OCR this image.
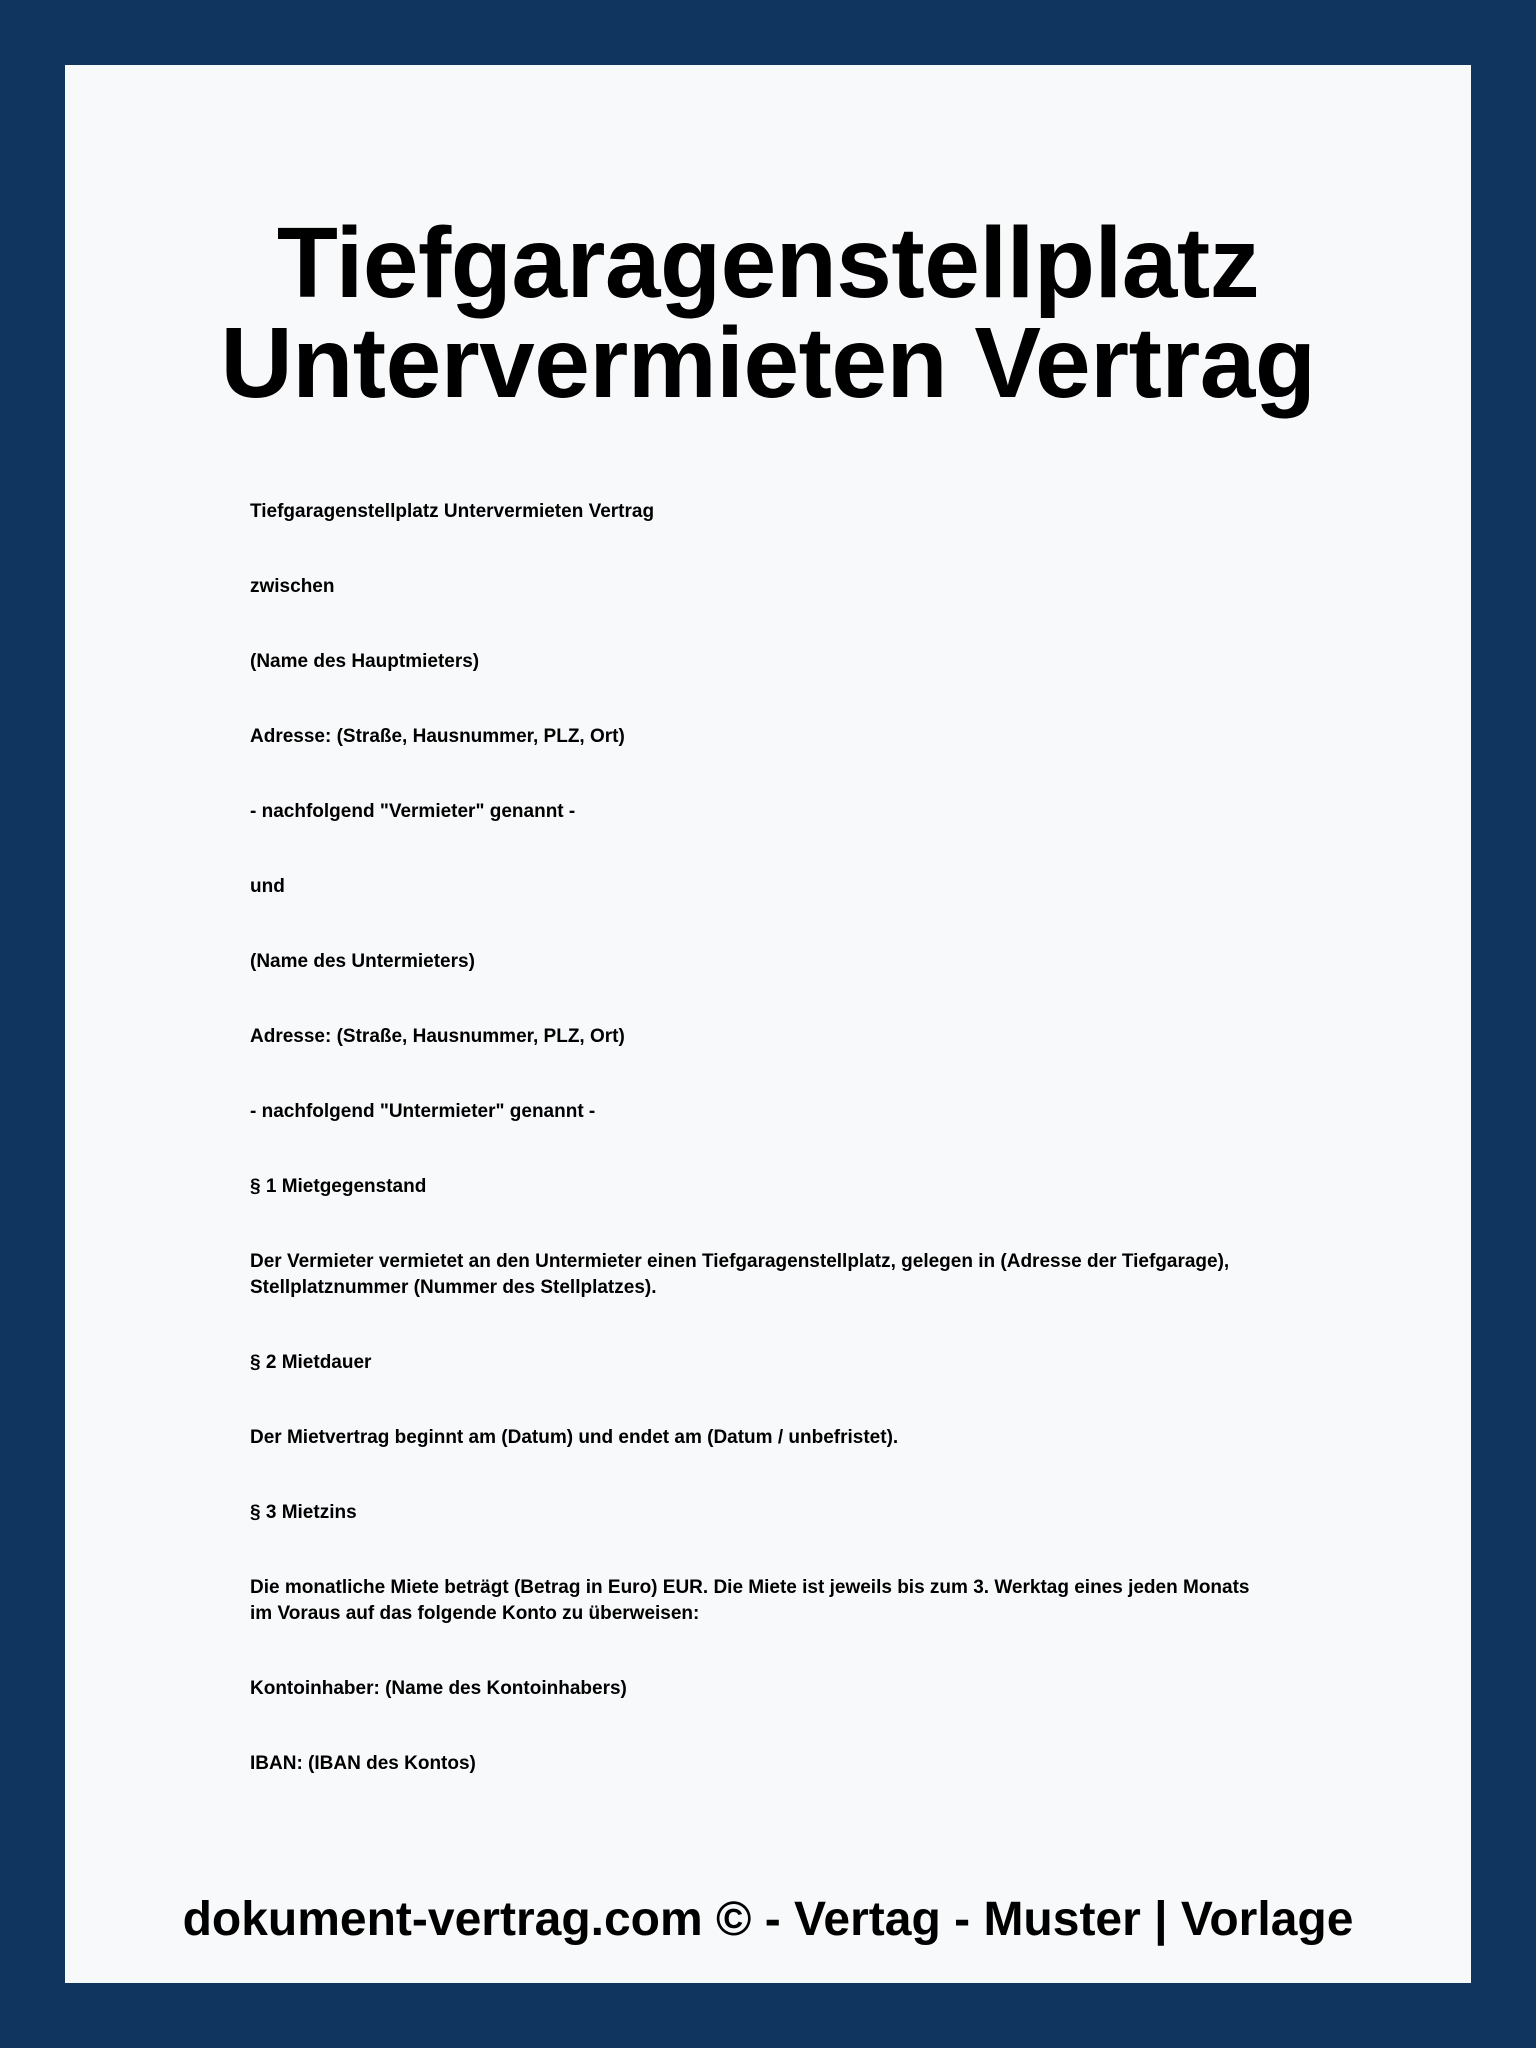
Tiefgaragenstellplatz
Untervermieten Vertrag

Tiefgaragenstellplatz Untervermieten Vertrag

zwischen

(Name des Hauptmieters)

Adresse: (Straße, Hausnummer, PLZ, Ort)

- nachfolgend "Vermieter" genannt -

und

(Name des Untermieters)

Adresse: (Straße, Hausnummer, PLZ, Ort)

- nachfolgend "Untermieter" genannt -

§ 1 Mietgegenstand

Der Vermieter vermietet an den Untermieter einen Tiefgaragenstellplatz, gelegen in (Adresse der Tiefgarage), Stellplatznummer (Nummer des Stellplatzes).

§ 2 Mietdauer

Der Mietvertrag beginnt am (Datum) und endet am (Datum / unbefristet).

§ 3 Mietzins

Die monatliche Miete beträgt (Betrag in Euro) EUR. Die Miete ist jeweils bis zum 3. Werktag eines jeden Monats im Voraus auf das folgende Konto zu überweisen:

Kontoinhaber: (Name des Kontoinhabers)

IBAN: (IBAN des Kontos)

dokument-vertrag.com © - Vertag - Muster | Vorlage
